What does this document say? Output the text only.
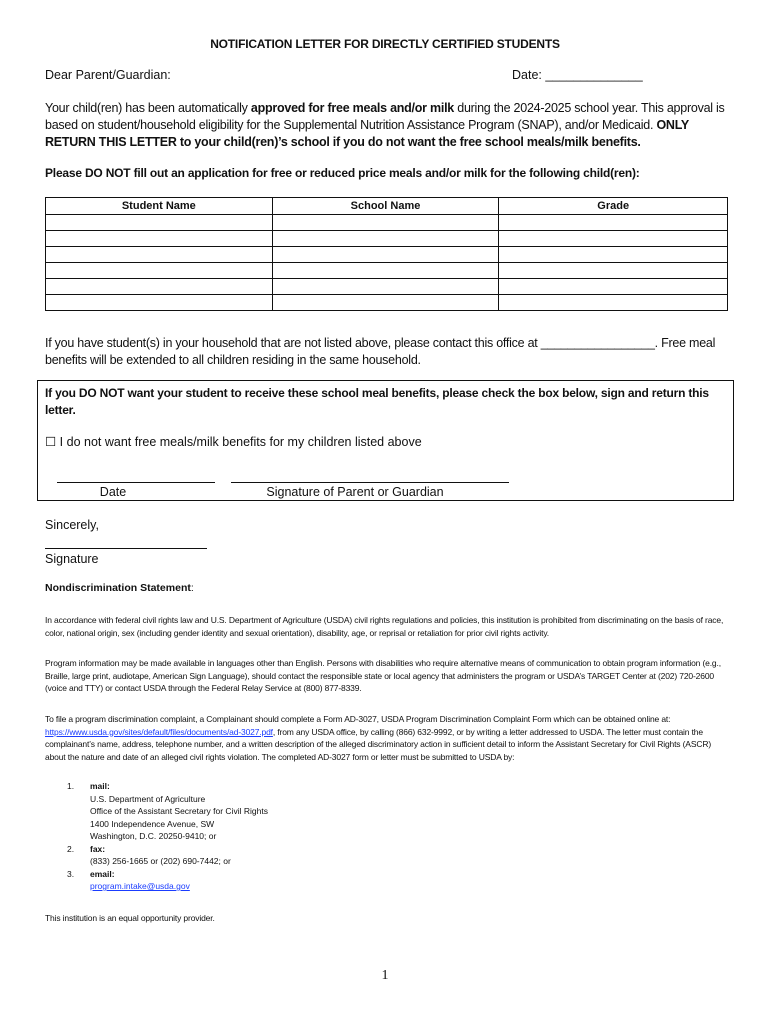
NOTIFICATION LETTER FOR DIRECTLY CERTIFIED STUDENTS
Dear Parent/Guardian:	Date: ______________
Your child(ren) has been automatically approved for free meals and/or milk during the 2024-2025 school year. This approval is based on student/household eligibility for the Supplemental Nutrition Assistance Program (SNAP), and/or Medicaid. ONLY RETURN THIS LETTER to your child(ren)’s school if you do not want the free school meals/milk benefits.
Please DO NOT fill out an application for free or reduced price meals and/or milk for the following child(ren):
Student Name	School Name	Grade

If you have student(s) in your household that are not listed above, please contact this office at _________________. Free meal benefits will be extended to all children residing in the same household.
If you DO NOT want your student to receive these school meal benefits, please check the box below, sign and return this letter.
☐ I do not want free meals/milk benefits for my children listed above
Date	Signature of Parent or Guardian
Sincerely,
Signature
Nondiscrimination Statement:
In accordance with federal civil rights law and U.S. Department of Agriculture (USDA) civil rights regulations and policies, this institution is prohibited from discriminating on the basis of race, color, national origin, sex (including gender identity and sexual orientation), disability, age, or reprisal or retaliation for prior civil rights activity.
Program information may be made available in languages other than English. Persons with disabilities who require alternative means of communication to obtain program information (e.g., Braille, large print, audiotape, American Sign Language), should contact the responsible state or local agency that administers the program or USDA’s TARGET Center at (202) 720-2600 (voice and TTY) or contact USDA through the Federal Relay Service at (800) 877-8339.
To file a program discrimination complaint, a Complainant should complete a Form AD-3027, USDA Program Discrimination Complaint Form which can be obtained online at: https://www.usda.gov/sites/default/files/documents/ad-3027.pdf, from any USDA office, by calling (866) 632-9992, or by writing a letter addressed to USDA. The letter must contain the complainant’s name, address, telephone number, and a written description of the alleged discriminatory action in sufficient detail to inform the Assistant Secretary for Civil Rights (ASCR) about the nature and date of an alleged civil rights violation. The completed AD-3027 form or letter must be submitted to USDA by:
1. mail:
U.S. Department of Agriculture
Office of the Assistant Secretary for Civil Rights
1400 Independence Avenue, SW
Washington, D.C. 20250-9410; or
2. fax:
(833) 256-1665 or (202) 690-7442; or
3. email:
program.intake@usda.gov
This institution is an equal opportunity provider.
1
